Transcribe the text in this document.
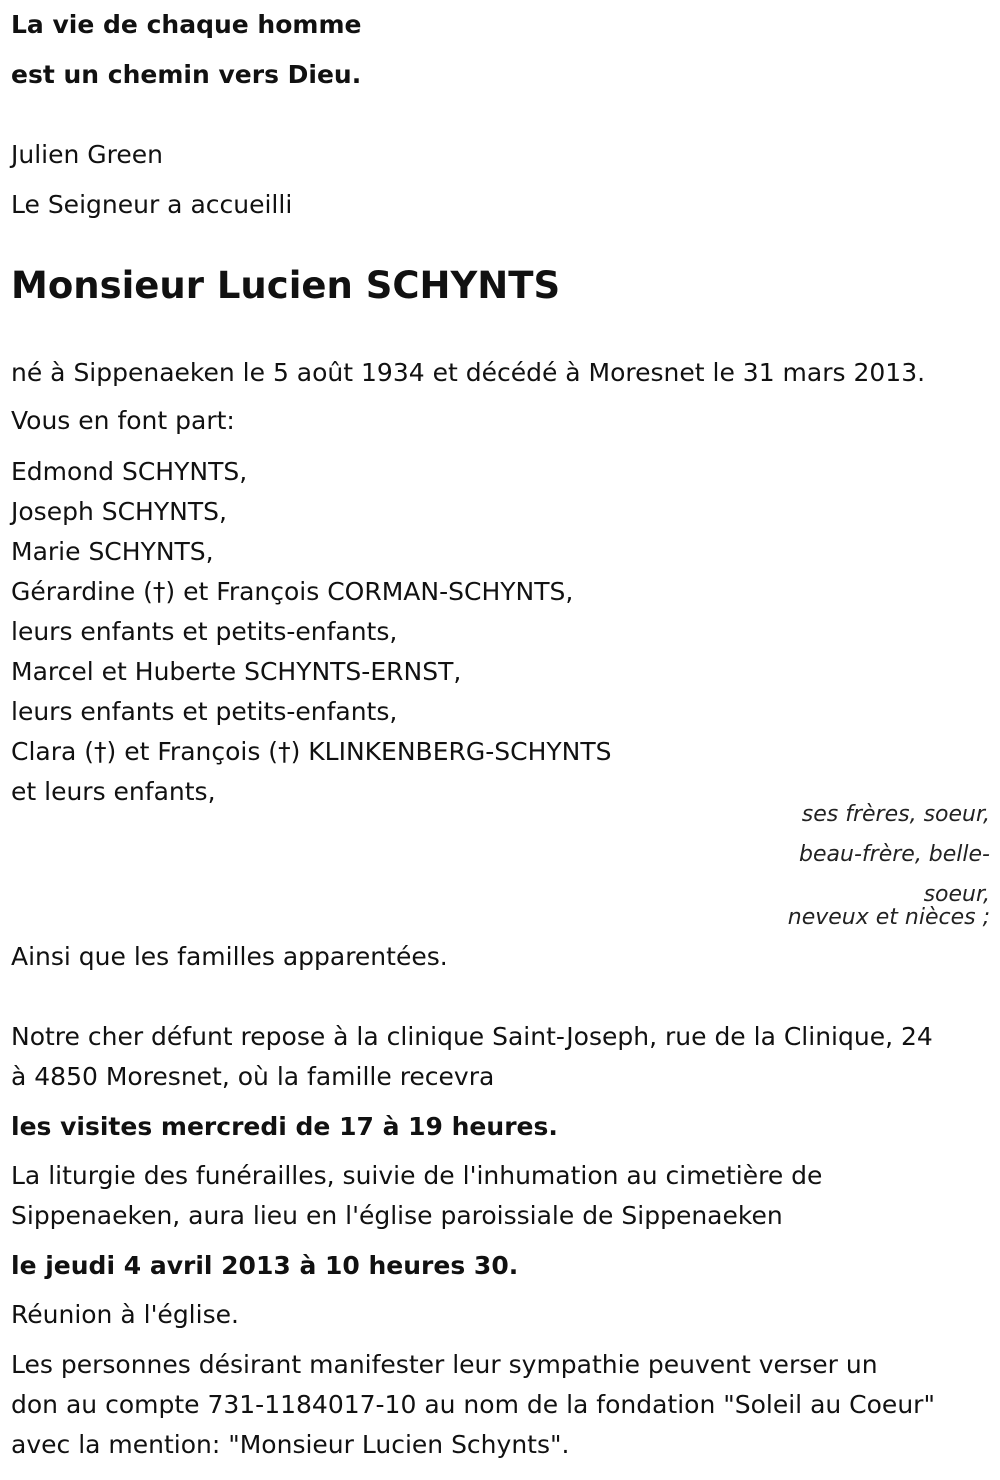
La vie de chaque homme

est un chemin vers Dieu.

Julien Green

Le Seigneur a accueilli

Monsieur Lucien SCHYNTS

né à Sippenaeken le 5 août 1934 et décédé à Moresnet le 31 mars 2013.

Vous en font part:

Edmond SCHYNTS,

Joseph SCHYNTS,

Marie SCHYNTS,

Gérardine (†) et François CORMAN-SCHYNTS,

leurs enfants et petits-enfants,

Marcel et Huberte SCHYNTS-ERNST,

leurs enfants et petits-enfants,

Clara (†) et François (†) KLINKENBERG-SCHYNTS

et leurs enfants,

ses frères, soeur,

beau-frère, belle-

soeur,

neveux et nièces ;

Ainsi que les familles apparentées.

Notre cher défunt repose à la clinique Saint-Joseph, rue de la Clinique, 24

à 4850 Moresnet, où la famille recevra

les visites mercredi de 17 à 19 heures.

La liturgie des funérailles, suivie de l'inhumation au cimetière de

Sippenaeken, aura lieu en l'église paroissiale de Sippenaeken

le jeudi 4 avril 2013 à 10 heures 30.

Réunion à l'église.

Les personnes désirant manifester leur sympathie peuvent verser un

don au compte 731-1184017-10 au nom de la fondation "Soleil au Coeur"

avec la mention: "Monsieur Lucien Schynts".
